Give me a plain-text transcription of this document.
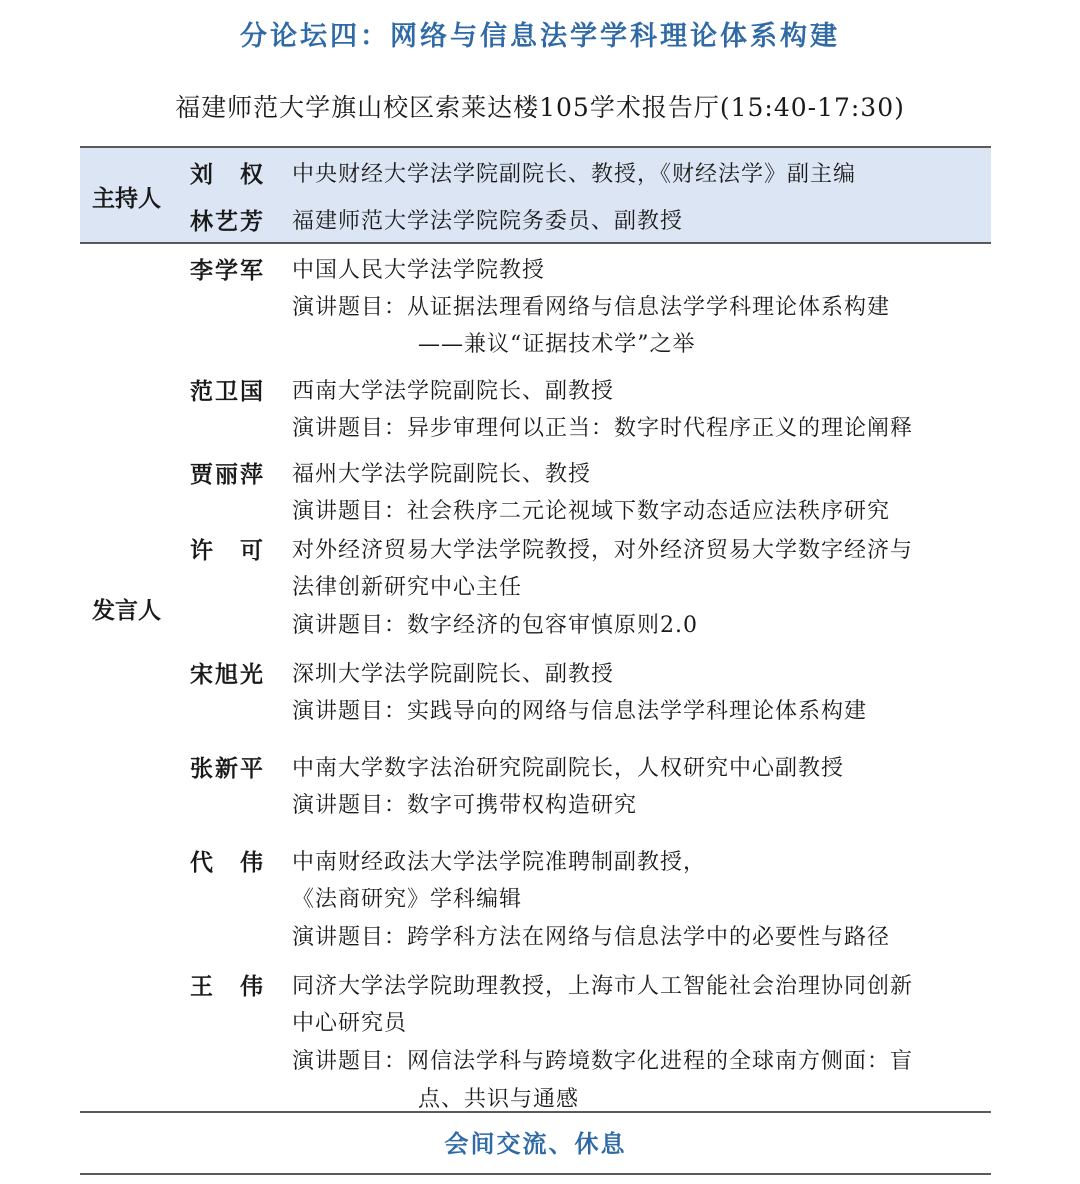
分论坛四：网络与信息法学学科理论体系构建
福建师范大学旗山校区索莱达楼105学术报告厅(15:40-17:30)
主持人
刘　权 中央财经大学法学院副院长、教授，《财经法学》副主编
林艺芳 福建师范大学法学院院务委员、副教授
发言人
李学军 中国人民大学法学院教授
演讲题目：从证据法理看网络与信息法学学科理论体系构建
——兼议“证据技术学”之举
范卫国 西南大学法学院副院长、副教授
演讲题目：异步审理何以正当：数字时代程序正义的理论阐释
贾丽萍 福州大学法学院副院长、教授
演讲题目：社会秩序二元论视域下数字动态适应法秩序研究
许　可 对外经济贸易大学法学院教授，对外经济贸易大学数字经济与
法律创新研究中心主任
演讲题目：数字经济的包容审慎原则2.0
宋旭光 深圳大学法学院副院长、副教授
演讲题目：实践导向的网络与信息法学学科理论体系构建
张新平 中南大学数字法治研究院副院长，人权研究中心副教授
演讲题目：数字可携带权构造研究
代　伟 中南财经政法大学法学院准聘制副教授，
《法商研究》学科编辑
演讲题目：跨学科方法在网络与信息法学中的必要性与路径
王　伟 同济大学法学院助理教授，上海市人工智能社会治理协同创新
中心研究员
演讲题目：网信法学科与跨境数字化进程的全球南方侧面：盲
点、共识与通感
会间交流、休息
